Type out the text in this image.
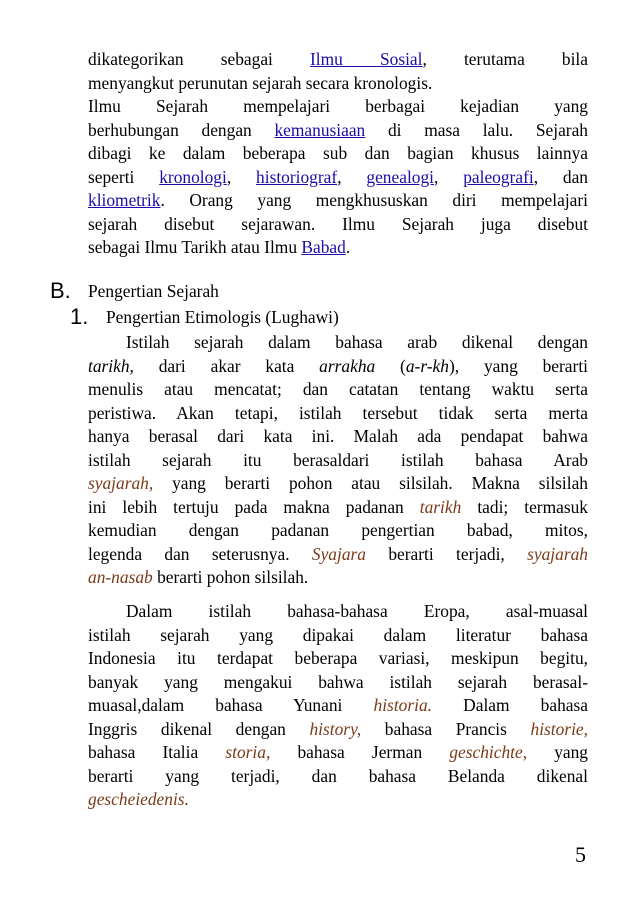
dikategorikan sebagai Ilmu Sosial, terutama bila
menyangkut perunutan sejarah secara kronologis.
Ilmu Sejarah mempelajari berbagai kejadian yang
berhubungan dengan kemanusiaan di masa lalu. Sejarah
dibagi ke dalam beberapa sub dan bagian khusus lainnya
seperti kronologi, historiograf, genealogi, paleografi, dan
kliometrik. Orang yang mengkhususkan diri mempelajari
sejarah disebut sejarawan. Ilmu Sejarah juga disebut
sebagai Ilmu Tarikh atau Ilmu Babad.
B. Pengertian Sejarah
1. Pengertian Etimologis (Lughawi)
Istilah sejarah dalam bahasa arab dikenal dengan
tarikh, dari akar kata arrakha (a-r-kh), yang berarti
menulis atau mencatat; dan catatan tentang waktu serta
peristiwa. Akan tetapi, istilah tersebut tidak serta merta
hanya berasal dari kata ini. Malah ada pendapat bahwa
istilah sejarah itu berasaldari istilah bahasa Arab
syajarah, yang berarti pohon atau silsilah. Makna silsilah
ini lebih tertuju pada makna padanan tarikh tadi; termasuk
kemudian dengan padanan pengertian babad, mitos,
legenda dan seterusnya. Syajara berarti terjadi, syajarah
an-nasab berarti pohon silsilah.
Dalam istilah bahasa-bahasa Eropa, asal-muasal
istilah sejarah yang dipakai dalam literatur bahasa
Indonesia itu terdapat beberapa variasi, meskipun begitu,
banyak yang mengakui bahwa istilah sejarah berasal-
muasal,dalam bahasa Yunani historia. Dalam bahasa
Inggris dikenal dengan history, bahasa Prancis historie,
bahasa Italia storia, bahasa Jerman geschichte, yang
berarti yang terjadi, dan bahasa Belanda dikenal
gescheiedenis.
5
